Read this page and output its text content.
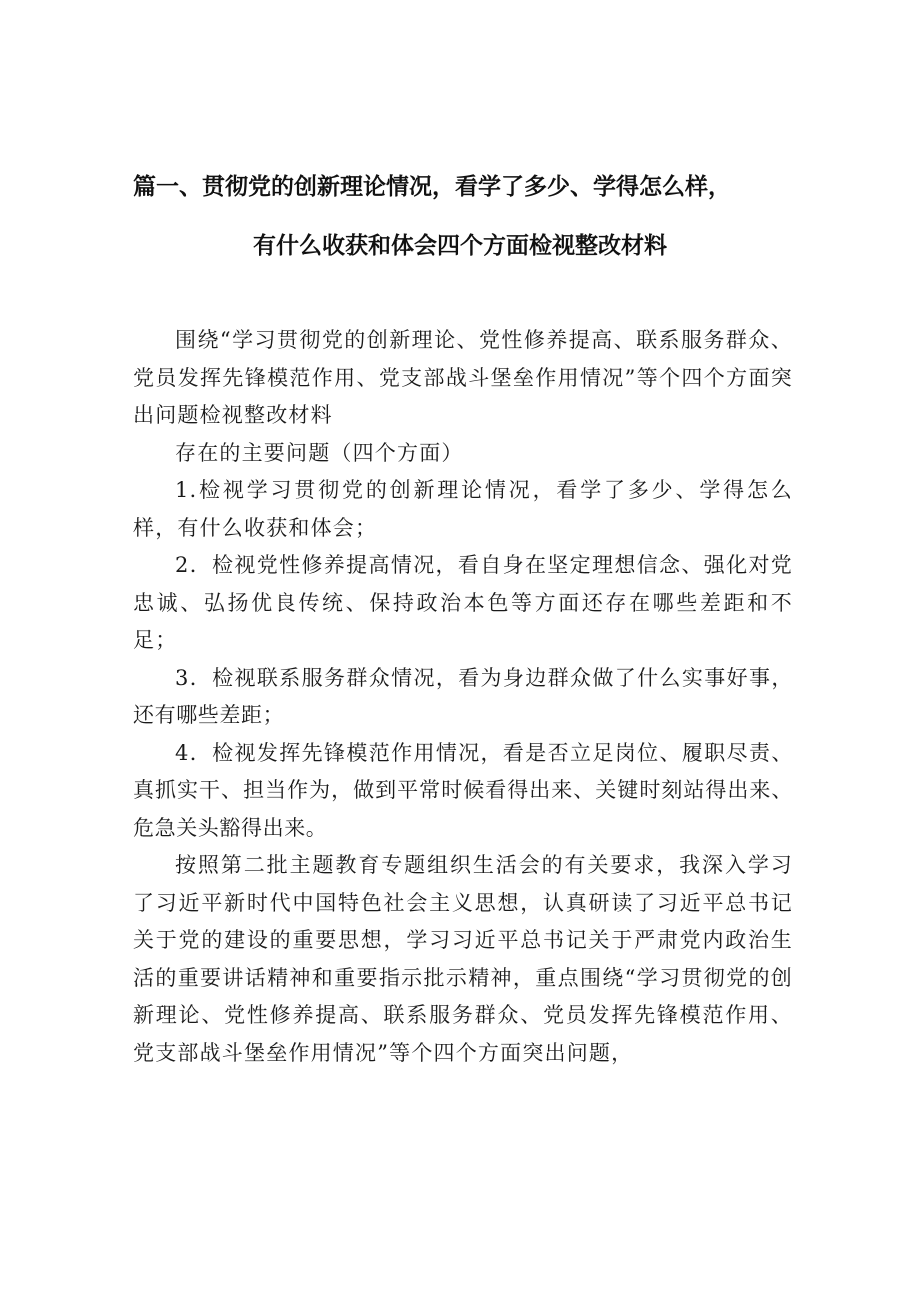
篇一、贯彻党的创新理论情况，看学了多少、学得怎么样，
有什么收获和体会四个方面检视整改材料

围绕“学习贯彻党的创新理论、党性修养提高、联系服务群众、党员发挥先锋模范作用、党支部战斗堡垒作用情况”等个四个方面突出问题检视整改材料

存在的主要问题（四个方面）

1.检视学习贯彻党的创新理论情况，看学了多少、学得怎么样，有什么收获和体会；

2．检视党性修养提高情况，看自身在坚定理想信念、强化对党忠诚、弘扬优良传统、保持政治本色等方面还存在哪些差距和不足；

3．检视联系服务群众情况，看为身边群众做了什么实事好事，还有哪些差距；

4．检视发挥先锋模范作用情况，看是否立足岗位、履职尽责、真抓实干、担当作为，做到平常时候看得出来、关键时刻站得出来、危急关头豁得出来。

按照第二批主题教育专题组织生活会的有关要求，我深入学习了习近平新时代中国特色社会主义思想，认真研读了习近平总书记关于党的建设的重要思想，学习习近平总书记关于严肃党内政治生活的重要讲话精神和重要指示批示精神，重点围绕“学习贯彻党的创新理论、党性修养提高、联系服务群众、党员发挥先锋模范作用、党支部战斗堡垒作用情况”等个四个方面突出问题，
